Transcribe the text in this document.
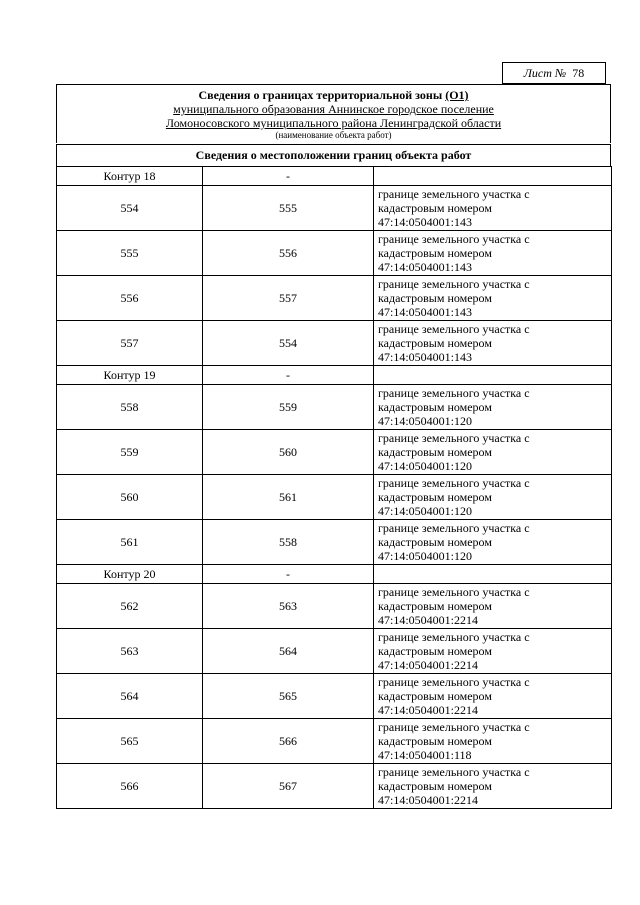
Лист № 78
Сведения о границах территориальной зоны (О1)
муниципального образования Аннинское городское поселение
Ломоносовского муниципального района Ленинградской области
(наименование объекта работ)
Сведения о местоположении границ объекта работ
Контур 18	-	
554	555	границе земельного участка с
кадастровым номером
47:14:0504001:143

555	556	границе земельного участка с
кадастровым номером
47:14:0504001:143

556	557	границе земельного участка с
кадастровым номером
47:14:0504001:143

557	554	границе земельного участка с
кадастровым номером
47:14:0504001:143

Контур 19	-	
558	559	границе земельного участка с
кадастровым номером
47:14:0504001:120

559	560	границе земельного участка с
кадастровым номером
47:14:0504001:120

560	561	границе земельного участка с
кадастровым номером
47:14:0504001:120

561	558	границе земельного участка с
кадастровым номером
47:14:0504001:120

Контур 20	-	
562	563	границе земельного участка с
кадастровым номером
47:14:0504001:2214

563	564	границе земельного участка с
кадастровым номером
47:14:0504001:2214

564	565	границе земельного участка с
кадастровым номером
47:14:0504001:2214

565	566	границе земельного участка с
кадастровым номером
47:14:0504001:118

566	567	границе земельного участка с
кадастровым номером
47:14:0504001:2214
